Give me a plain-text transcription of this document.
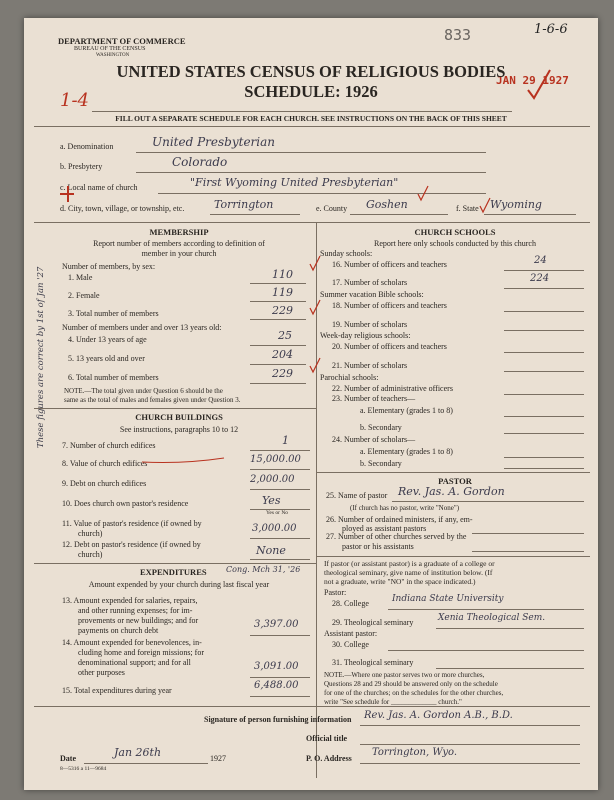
DEPARTMENT OF COMMERCE
BUREAU OF THE CENSUS
WASHINGTON
833	1-6-6
JAN 29 1927
UNITED STATES CENSUS OF RELIGIOUS BODIES
SCHEDULE: 1926
1-4
FILL OUT A SEPARATE SCHEDULE FOR EACH CHURCH. SEE INSTRUCTIONS ON THE BACK OF THIS SHEET
a. Denomination	United Presbyterian
b. Presbytery	Colorado
c. Local name of church	"First Wyoming United Presbyterian"
d. City, town, village, or township, etc.	Torrington	e. County Goshen	f. State Wyoming
These figures are correct by 1st of Jan '27
MEMBERSHIP
Report number of members according to definition of
member in your church
Number of members, by sex:
1. Male	110
2. Female	119
3. Total number of members	229
Number of members under and over 13 years old:
4. Under 13 years of age	25
5. 13 years old and over	204
6. Total number of members	229
NOTE.—The total given under Question 6 should be the
same as the total of males and females given under Question 3.
CHURCH BUILDINGS
See instructions, paragraphs 10 to 12
7. Number of church edifices	1
8. Value of church edifices	15,000.00
9. Debt on church edifices	2,000.00
10. Does church own pastor's residence	Yes
Yes or No
11. Value of pastor's residence (if owned by
church)	3,000.00
12. Debt on pastor's residence (if owned by
church)	None
EXPENDITURES Cong. Mch 31, '26
Amount expended by your church during last fiscal year
13. Amount expended for salaries, repairs,
and other running expenses; for im-
provements or new buildings; and for
payments on church debt
3,397.00
14. Amount expended for benevolences, in-
cluding home and foreign missions; for
denominational support; and for all
other purposes
3,091.00
15. Total expenditures during year	6,488.00
CHURCH SCHOOLS
Report here only schools conducted by this church
Sunday schools:
16. Number of officers and teachers	24
17. Number of scholars	224
Summer vacation Bible schools:
18. Number of officers and teachers
19. Number of scholars
Week-day religious schools:
20. Number of officers and teachers
21. Number of scholars
Parochial schools:
22. Number of administrative officers
23. Number of teachers—
a. Elementary (grades 1 to 8)
b. Secondary
24. Number of scholars—
a. Elementary (grades 1 to 8)
b. Secondary
PASTOR
25. Name of pastor Rev. Jas. A. Gordon
(If church has no pastor, write "None")
26. Number of ordained ministers, if any, em-
ployed as assistant pastors
27. Number of other churches served by the
pastor or his assistants
If pastor (or assistant pastor) is a graduate of a college or
theological seminary, give name of institution below. (If
not a graduate, write "NO" in the space indicated.)
Pastor:
28. College	Indiana State University
29. Theological seminary	Xenia Theological Sem.
Assistant pastor:
30. College
31. Theological seminary
NOTE.—Where one pastor serves two or more churches,
Questions 28 and 29 should be answered only on the schedule
for one of the churches; on the schedules for the other churches,
write "See schedule for _____________ church."
Signature of person furnishing information Rev. Jas. A. Gordon A.B., B.D.
Official title
Date	Jan 26th	1927	P. O. Address
Torrington, Wyo.
8—5316 a 11—9684
